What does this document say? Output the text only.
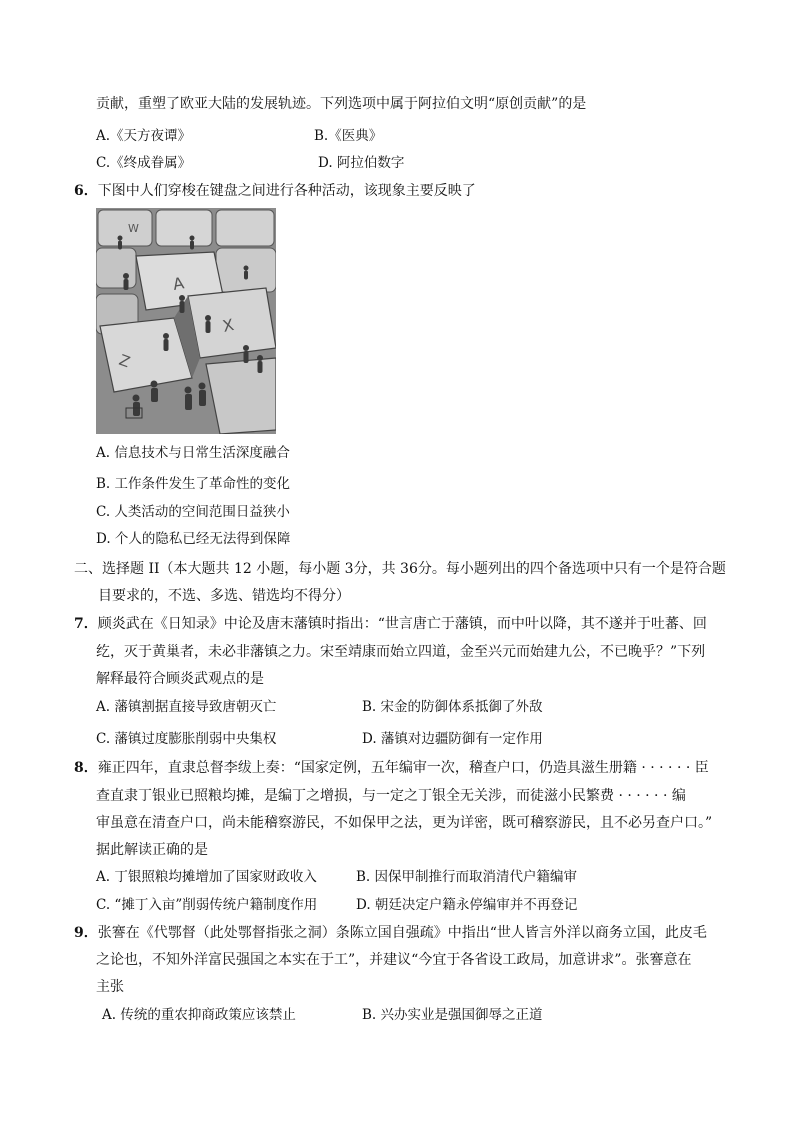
贡献，重塑了欧亚大陆的发展轨迹。下列选项中属于阿拉伯文明“原创贡献”的是
A.《天方夜谭》	B.《医典》
C.《终成眷属》	D. 阿拉伯数字
6．下图中人们穿梭在键盘之间进行各种活动，该现象主要反映了
W
A
X
Z
A. 信息技术与日常生活深度融合
B. 工作条件发生了革命性的变化
C. 人类活动的空间范围日益狭小
D. 个人的隐私已经无法得到保障
二、选择题 II（本大题共 12 小题，每小题 3分，共 36分。每小题列出的四个备选项中只有一个是符合题
目要求的，不选、多选、错选均不得分）
7．顾炎武在《日知录》中论及唐末藩镇时指出：“世言唐亡于藩镇，而中叶以降，其不遂并于吐蕃、回
纥，灭于黄巢者，未必非藩镇之力。宋至靖康而始立四道，金至兴元而始建九公，不已晚乎？”下列
解释最符合顾炎武观点的是
A. 藩镇割据直接导致唐朝灭亡	B. 宋金的防御体系抵御了外敌
C. 藩镇过度膨胀削弱中央集权	D. 藩镇对边疆防御有一定作用
8．雍正四年，直隶总督李绂上奏：“国家定例，五年编审一次，稽查户口，仍造具滋生册籍 · · · · · · 臣
查直隶丁银业已照粮均摊，是编丁之增损，与一定之丁银全无关涉，而徒滋小民繁费 · · · · · · 编
审虽意在清查户口，尚未能稽察游民，不如保甲之法，更为详密，既可稽察游民，且不必另查户口。”
据此解读正确的是
A. 丁银照粮均摊增加了国家财政收入	B. 因保甲制推行而取消清代户籍编审
C. “摊丁入亩”削弱传统户籍制度作用	D. 朝廷决定户籍永停编审并不再登记
9．张謇在《代鄂督（此处鄂督指张之洞）条陈立国自强疏》中指出“世人皆言外洋以商务立国，此皮毛
之论也，不知外洋富民强国之本实在于工”，并建议“今宜于各省设工政局，加意讲求”。张謇意在
主张
A. 传统的重农抑商政策应该禁止	B. 兴办实业是强国御辱之正道
